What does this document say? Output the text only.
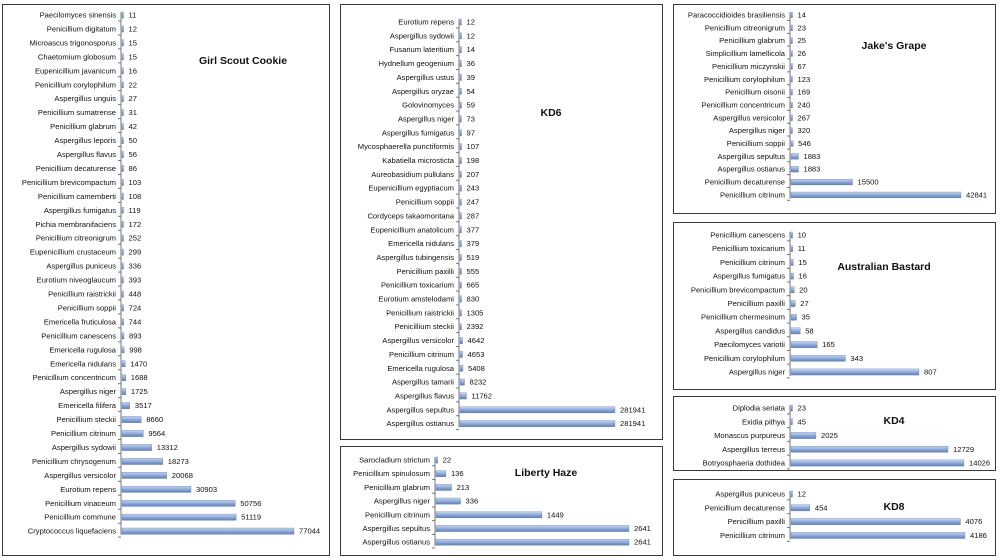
Girl Scout Cookie
Paecilomyces sinensis 11
Penicillium digitatum 12
Microascus trigonosporus 15
Chaetomium globosum 15
Eupenicillium javanicum 16
Penicillium corylophilum 22
Aspergillus unguis 27
Penicillium sumatrense 31
Penicillium glabrum 42
Aspergillus leporis 50
Aspergillus flavus 56
Penicillium decaturense 86
Penicillium brevicompactum 103
Penicillium camemberti 108
Aspergillus fumigatus 119
Pichia membranifaciens 172
Penicillium citreonigrum 252
Eupenicillium crustaceum 299
Aspergillus puniceus 336
Eurotium niveoglaucum 393
Penicillium raistrickii 448
Penicillium soppii 724
Emericella fruticulosa 744
Penicillium canescens 893
Emericella rugulosa 998
Emericella nidulans 1470
Penicillium concentricum 1688
Aspergillus niger 1725
Emericella filifera 3517
Penicillium steckii	8660
Penicillium citrinum	9564
Aspergillus sydowii	13312
Penicillium chrysogenum	18273
Aspergillus versicolor	20068
Eurotium repens	30903
Penicillium vinaceum	50756
Penicillium commune	51119
Cryptococcus liquefaciens	77044
KD6
Eurotium repens 12
Aspergillus sydowii 12
Fusarium lateritium 14
Hydnellum geogenium 36
Aspergillus ustus 39
Aspergillus oryzae 54
Golovinomyces 59
Aspergillus niger 73
Aspergillus fumigatus 97
Mycosphaerella punctiformis 107
Kabatiella microsticta 198
Aureobasidium pullulans 207
Eupenicillium egyptiacum 243
Penicillium soppii 247
Cordyceps takaomontana 287
Eupenicillium anatolicum 377
Emericella nidulans 379
Aspergillus tubingensis 519
Penicillium paxilli 555
Penicillium toxicarium 665
Eurotium amstelodami 830
Penicillium raistrickii 1305
Penicillium steckii 2392
Aspergillus versicolor 4642
Penicillium citrinum 4653
Emericella rugulosa 5408
Aspergillus tamarii 8232
Aspergillus flavus 11762
Aspergillus sepultus	281941
Aspergillus ostianus	281941
Liberty Haze
Sarocladium strictum 22
Penicillium spinulosum	136
Penicillium glabrum	213
Aspergillus niger	336
Penicillium citrinum	1449
Aspergillus sepultus	2641
Aspergillus ostianus	2641
Jake's Grape
Paracoccidioides brasiliensis 14
Penicillium citreonigrum 23
Penicillium glabrum 25
Simplicillium lamellicola 26
Penicillium miczynskii 67
Penicillium corylophilum 123
Penicillium oisonii 169
Penicillium concentricum 240
Aspergillus versicolor 267
Aspergillus niger 320
Penicillium soppii 546
Aspergillus sepultus 1883
Aspergillus ostianus 1883
Penicillium decaturense	15500
Penicillium citrinum	42841
Australian Bastard
Penicillium canescens 10
Penicillium toxicarium 11
Penicillium citrinum 15
Aspergillus fumigatus 16
Penicillium brevicompactum 20
Penicillium paxilli 27
Penicillium chermesinum 35
Aspergillus candidus	58
Paecilomyces variotii	165
Penicillium corylophilum	343
Aspergillus niger	807
KD4
Diplodia seriata 23
Exidia pithya 45
Monascus purpureus	2025
Aspergillus terreus	12729
Botryosphaeria dothidea	14026
KD8
Aspergillus puniceus 12
Penicillium decaturense	454
Penicillium paxilli	4076
Penicillium citrinum	4186
